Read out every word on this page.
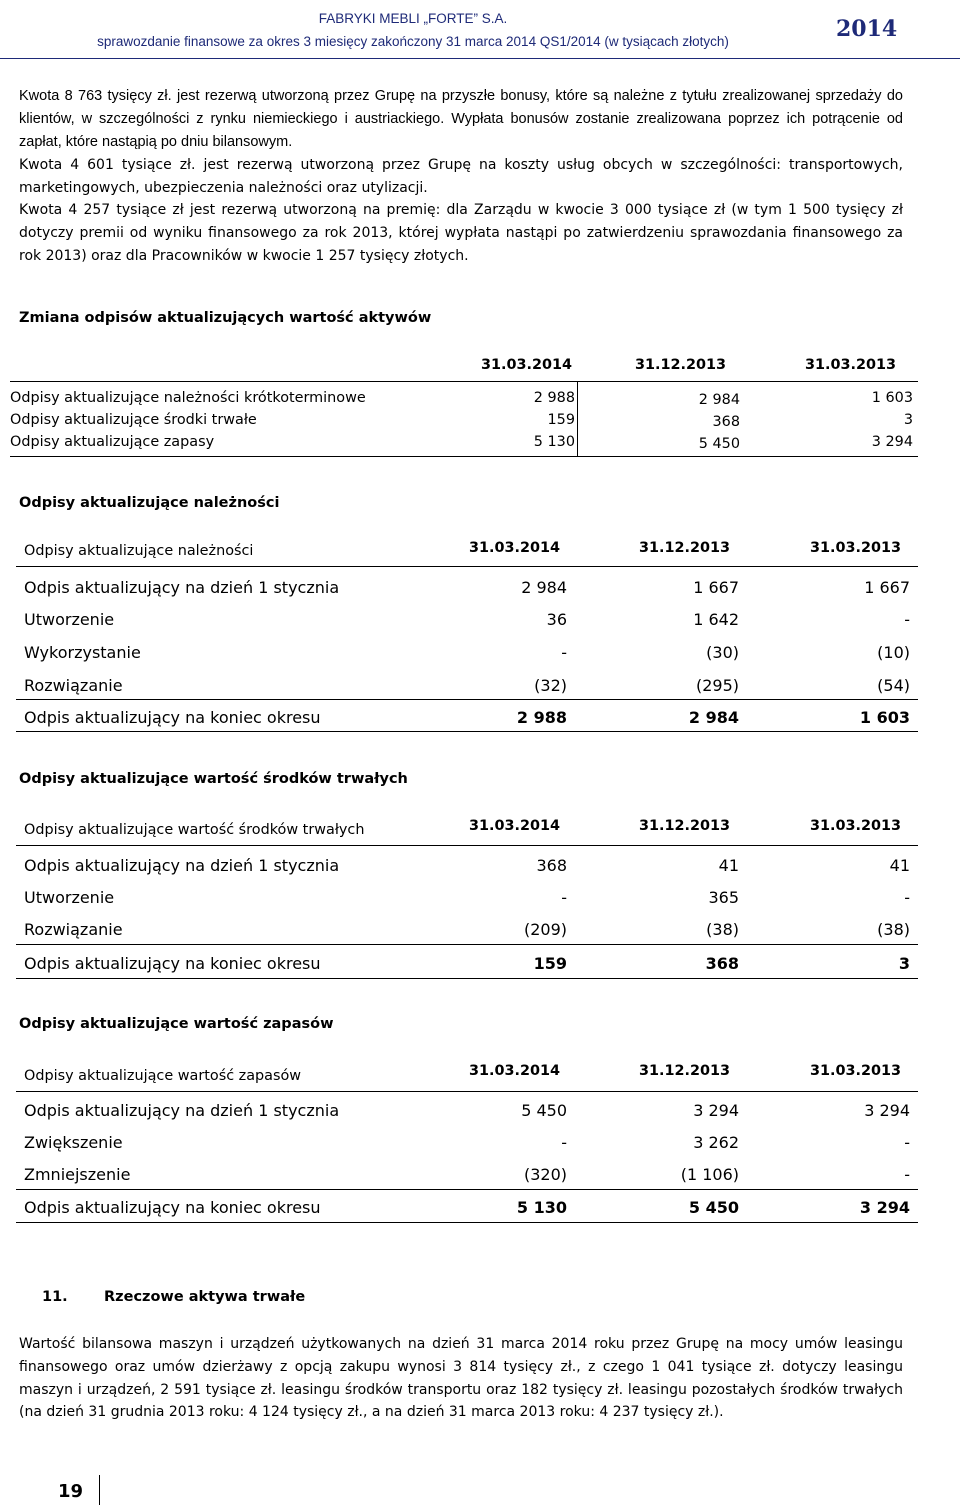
FABRYKI MEBLI „FORTE” S.A.
sprawozdanie finansowe za okres 3 miesięcy zakończony 31 marca 2014 QS1/2014 (w tysiącach złotych)	2014

Kwota 8 763 tysięcy zł. jest rezerwą utworzoną przez Grupę na przyszłe bonusy, które są należne z tytułu zrealizowanej sprzedaży do klientów, w szczególności z rynku niemieckiego i austriackiego. Wypłata bonusów zostanie zrealizowana poprzez ich potrącenie od zapłat, które nastąpią po dniu bilansowym.

Kwota 4 601 tysiące zł. jest rezerwą utworzoną przez Grupę na koszty usług obcych w szczególności: transportowych, marketingowych, ubezpieczenia należności oraz utylizacji.

Kwota 4 257 tysiące zł jest rezerwą utworzoną na premię: dla Zarządu w kwocie 3 000 tysiące zł (w tym 1 500 tysięcy zł dotyczy premii od wyniku finansowego za rok 2013, której wypłata nastąpi po zatwierdzeniu sprawozdania finansowego za rok 2013) oraz dla Pracowników w kwocie 1 257 tysięcy złotych.

Zmiana odpisów aktualizujących wartość aktywów
31.03.2014	31.12.2013	31.03.2013
Odpisy aktualizujące należności krótkoterminowe	2 988	2 984	1 603
Odpisy aktualizujące środki trwałe	159	368	3
Odpisy aktualizujące zapasy	5 130	5 450	3 294
Odpisy aktualizujące należności
Odpisy aktualizujące należności	31.03.2014	31.12.2013	31.03.2013
Odpis aktualizujący na dzień 1 stycznia	2 984	1 667	1 667
Utworzenie	36	1 642	-
Wykorzystanie	-	(30)	(10)
Rozwiązanie	(32)	(295)	(54)
Odpis aktualizujący na koniec okresu	2 988	2 984	1 603
Odpisy aktualizujące wartość środków trwałych
Odpisy aktualizujące wartość środków trwałych	31.03.2014	31.12.2013	31.03.2013
Odpis aktualizujący na dzień 1 stycznia	368	41	41
Utworzenie	-	365	-
Rozwiązanie	(209)	(38)	(38)
Odpis aktualizujący na koniec okresu	159	368	3
Odpisy aktualizujące wartość zapasów
Odpisy aktualizujące wartość zapasów	31.03.2014	31.12.2013	31.03.2013
Odpis aktualizujący na dzień 1 stycznia	5 450	3 294	3 294
Zwiększenie	-	3 262	-
Zmniejszenie	(320)	(1 106)	-
Odpis aktualizujący na koniec okresu	5 130	5 450	3 294
11.	Rzeczowe aktywa trwałe

Wartość bilansowa maszyn i urządzeń użytkowanych na dzień 31 marca 2014 roku przez Grupę na mocy umów leasingu finansowego oraz umów dzierżawy z opcją zakupu wynosi 3 814 tysięcy zł., z czego 1 041 tysiące zł. dotyczy leasingu maszyn i urządzeń, 2 591 tysiące zł. leasingu środków transportu oraz 182 tysięcy zł. leasingu pozostałych środków trwałych (na dzień 31 grudnia 2013 roku: 4 124 tysięcy zł., a na dzień 31 marca 2013 roku: 4 237 tysięcy zł.).

19
